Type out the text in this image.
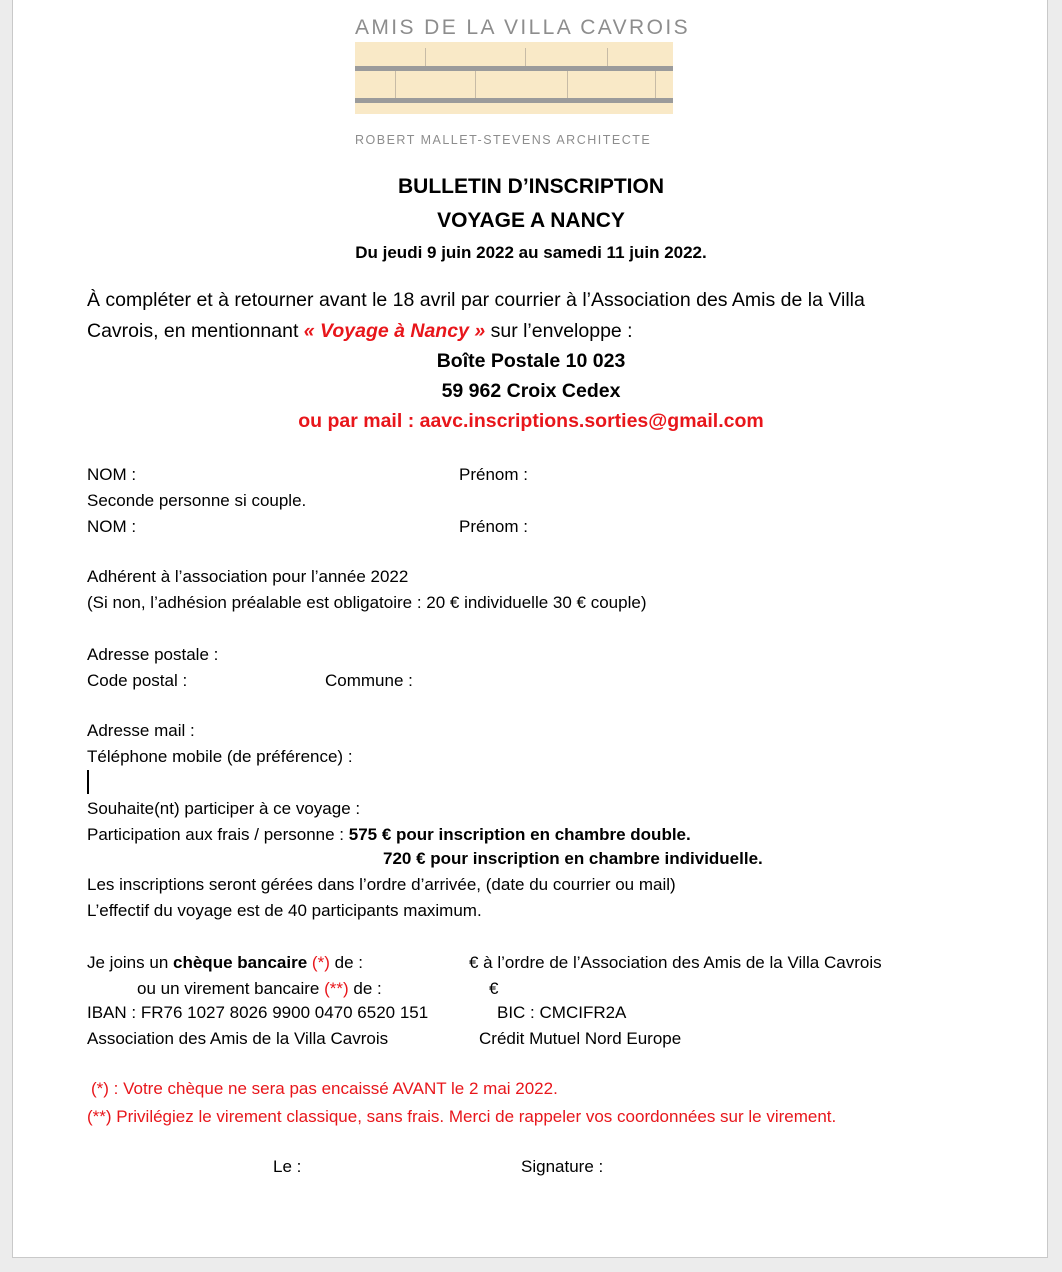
AMIS DE LA VILLA CAVROIS
ROBERT MALLET-STEVENS ARCHITECTE
BULLETIN D’INSCRIPTION
VOYAGE A NANCY
Du jeudi 9 juin 2022 au samedi 11 juin 2022.
À compléter et à retourner avant le 18 avril par courrier à l’Association des Amis de la Villa
Cavrois, en mentionnant « Voyage à Nancy » sur l’enveloppe :
Boîte Postale 10 023
59 962 Croix Cedex
ou par mail : aavc.inscriptions.sorties@gmail.com
NOM :	Prénom :
Seconde personne si couple.
NOM :	Prénom :
Adhérent à l’association pour l’année 2022
(Si non, l’adhésion préalable est obligatoire : 20 € individuelle 30 € couple)
Adresse postale :
Code postal :	Commune :
Adresse mail :
Téléphone mobile (de préférence) :
Souhaite(nt) participer à ce voyage :
Participation aux frais / personne : 575 € pour inscription en chambre double.
720 € pour inscription en chambre individuelle.
Les inscriptions seront gérées dans l’ordre d’arrivée, (date du courrier ou mail)
L’effectif du voyage est de 40 participants maximum.
Je joins un chèque bancaire (*) de :	€ à l’ordre de l’Association des Amis de la Villa Cavrois
ou un virement bancaire (**) de :	€
IBAN : FR76 1027 8026 9900 0470 6520 151	BIC : CMCIFR2A
Association des Amis de la Villa Cavrois	Crédit Mutuel Nord Europe
(*) : Votre chèque ne sera pas encaissé AVANT le 2 mai 2022.
(**) Privilégiez le virement classique, sans frais. Merci de rappeler vos coordonnées sur le virement.
Le :	Signature :
